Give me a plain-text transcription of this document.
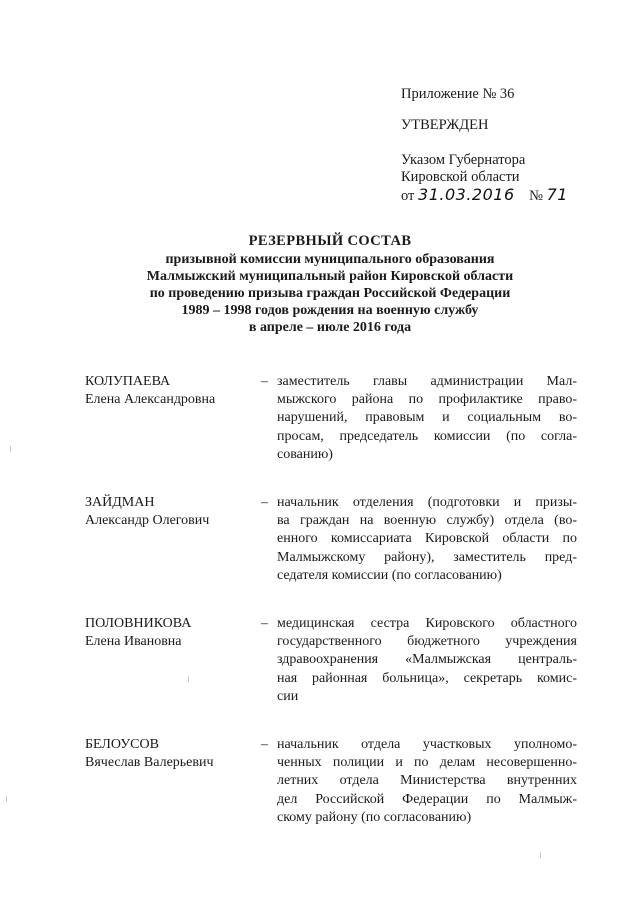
Приложение № 36
УТВЕРЖДЕН
Указом Губернатора
Кировской области
от 31.03.2016 № 71
РЕЗЕРВНЫЙ СОСТАВ
призывной комиссии муниципального образования
Малмыжский муниципальный район Кировской области
по проведению призыва граждан Российской Федерации
1989 – 1998 годов рождения на военную службу
в апреле – июле 2016 года
КОЛУПАЕВА
Елена Александровна
– заместитель главы администрации Мал-
мыжского района по профилактике право-
нарушений, правовым и социальным во-
просам, председатель комиссии (по согла-
сованию)
ЗАЙДМАН
Александр Олегович
– начальник отделения (подготовки и призы-
ва граждан на военную службу) отдела (во-
енного комиссариата Кировской области по
Малмыжскому району), заместитель пред-
седателя комиссии (по согласованию)
ПОЛОВНИКОВА
Елена Ивановна
– медицинская сестра Кировского областного
государственного бюджетного учреждения
здравоохранения «Малмыжская централь-
ная районная больница», секретарь комис-
сии
БЕЛОУСОВ
Вячеслав Валерьевич
– начальник отдела участковых уполномо-
ченных полиции и по делам несовершенно-
летних отдела Министерства внутренних
дел Российской Федерации по Малмыж-
скому району (по согласованию)
